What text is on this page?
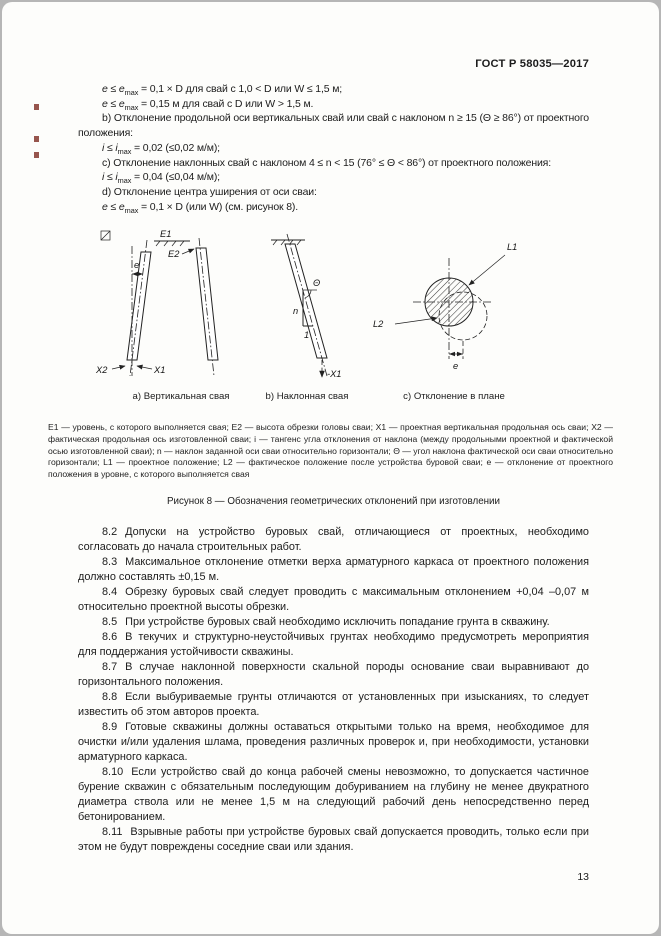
ГОСТ Р 58035—2017

$e \le e_{max} = 0,1 \times D$ для свай с 1,0 < D или W ≤ 1,5 м;

$e \le e_{max} = 0,15$ м для свай с D или W > 1,5 м.

b) Отклонение продольной оси вертикальных свай или свай с наклоном n ≥ 15 (Θ ≥ 86°) от проектного положения:

$i \le i_{max} = 0,02$ (≤0,02 м/м);

c) Отклонение наклонных свай с наклоном 4 ≤ n < 15 (76° ≤ Θ < 86°) от проектного положения:

$i \le i_{max} = 0,04$ (≤0,04 м/м);

d) Отклонение центра уширения от оси сваи:

$e \le e_{max} = 0,1 \times D$ (или W) (см. рисунок 8).

e
E1
E2
X2	X1
а) Вертикальная свая
Θ
n
1
-X1
b) Наклонная свая
L1
L2
e
c) Отклонение в плане

Е1 — уровень, с которого выполняется свая; Е2 — высота обрезки головы сваи; Х1 — проектная вертикальная продольная ось сваи; Х2 — фактическая продольная ось изготовленной сваи; i — тангенс угла отклонения от наклона (между продольными проектной и фактической осью изготовленной сваи); n — наклон заданной оси сваи относительно горизонтали; Θ — угол наклона фактической оси сваи относительно горизонтали; L1 — проектное положение; L2 — фактическое положение после устройства буровой сваи; e — отклонение от проектного положения в уровне, с которого выполняется свая

Рисунок 8 — Обозначения геометрических отклонений при изготовлении

8.2 Допуски на устройство буровых свай, отличающиеся от проектных, необходимо согласовать до начала строительных работ.

8.3 Максимальное отклонение отметки верха арматурного каркаса от проектного положения должно составлять ±0,15 м.

8.4 Обрезку буровых свай следует проводить с максимальным отклонением +0,04 –0,07 м относительно проектной высоты обрезки.

8.5 При устройстве буровых свай необходимо исключить попадание грунта в скважину.

8.6 В текучих и структурно-неустойчивых грунтах необходимо предусмотреть мероприятия для поддержания устойчивости скважины.

8.7 В случае наклонной поверхности скальной породы основание сваи выравнивают до горизонтального положения.

8.8 Если выбуриваемые грунты отличаются от установленных при изысканиях, то следует известить об этом авторов проекта.

8.9 Готовые скважины должны оставаться открытыми только на время, необходимое для очистки и/или удаления шлама, проведения различных проверок и, при необходимости, установки арматурного каркаса.

8.10 Если устройство свай до конца рабочей смены невозможно, то допускается частичное бурение скважин с обязательным последующим добуриванием на глубину не менее двукратного диаметра ствола или не менее 1,5 м на следующий рабочий день непосредственно перед бетонированием.

8.11 Взрывные работы при устройстве буровых свай допускается проводить, только если при этом не будут повреждены соседние сваи или здания.

13
